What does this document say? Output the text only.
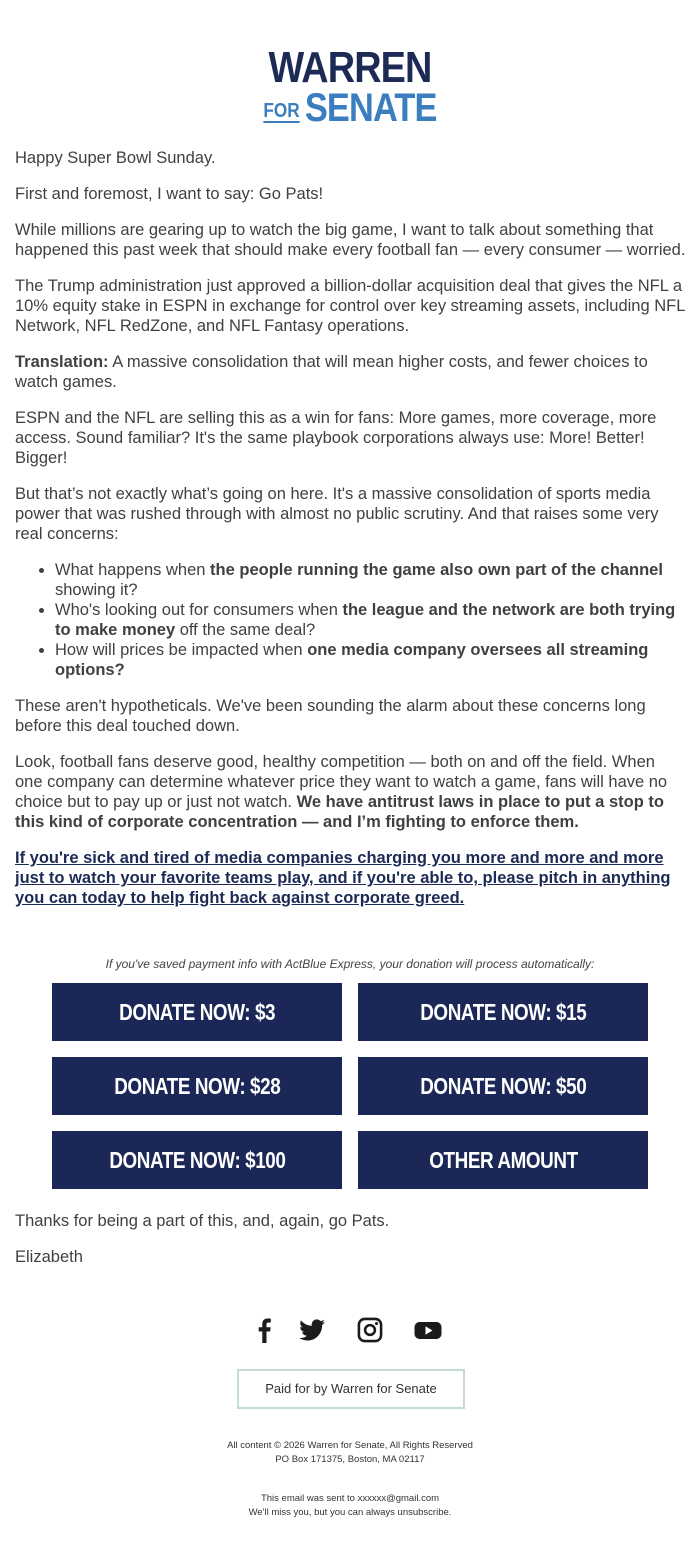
WARREN
FOR SENATE

Happy Super Bowl Sunday.

First and foremost, I want to say: Go Pats!

While millions are gearing up to watch the big game, I want to talk about something that happened this past week that should make every football fan — every consumer — worried.

The Trump administration just approved a billion-dollar acquisition deal that gives the NFL a 10% equity stake in ESPN in exchange for control over key streaming assets, including NFL Network, NFL RedZone, and NFL Fantasy operations.

Translation: A massive consolidation that will mean higher costs, and fewer choices to watch games.

ESPN and the NFL are selling this as a win for fans: More games, more coverage, more access. Sound familiar? It's the same playbook corporations always use: More! Better! Bigger!

But that’s not exactly what’s going on here. It's a massive consolidation of sports media power that was rushed through with almost no public scrutiny. And that raises some very real concerns:

• What happens when the people running the game also own part of the channel showing it?
• Who's looking out for consumers when the league and the network are both trying to make money off the same deal?
• How will prices be impacted when one media company oversees all streaming options?

These aren't hypotheticals. We've been sounding the alarm about these concerns long before this deal touched down.

Look, football fans deserve good, healthy competition — both on and off the field. When one company can determine whatever price they want to watch a game, fans will have no choice but to pay up or just not watch. We have antitrust laws in place to put a stop to this kind of corporate concentration — and I’m fighting to enforce them.

If you're sick and tired of media companies charging you more and more and more just to watch your favorite teams play, and if you're able to, please pitch in anything you can today to help fight back against corporate greed.

If you've saved payment info with ActBlue Express, your donation will process automatically:
DONATE NOW: $3	DONATE NOW: $15
DONATE NOW: $28	DONATE NOW: $50
DONATE NOW: $100	OTHER AMOUNT

Thanks for being a part of this, and, again, go Pats.

Elizabeth

Paid for by Warren for Senate
All content © 2026 Warren for Senate, All Rights Reserved
PO Box 171375, Boston, MA 02117
This email was sent to xxxxxx@gmail.com
We'll miss you, but you can always unsubscribe.
